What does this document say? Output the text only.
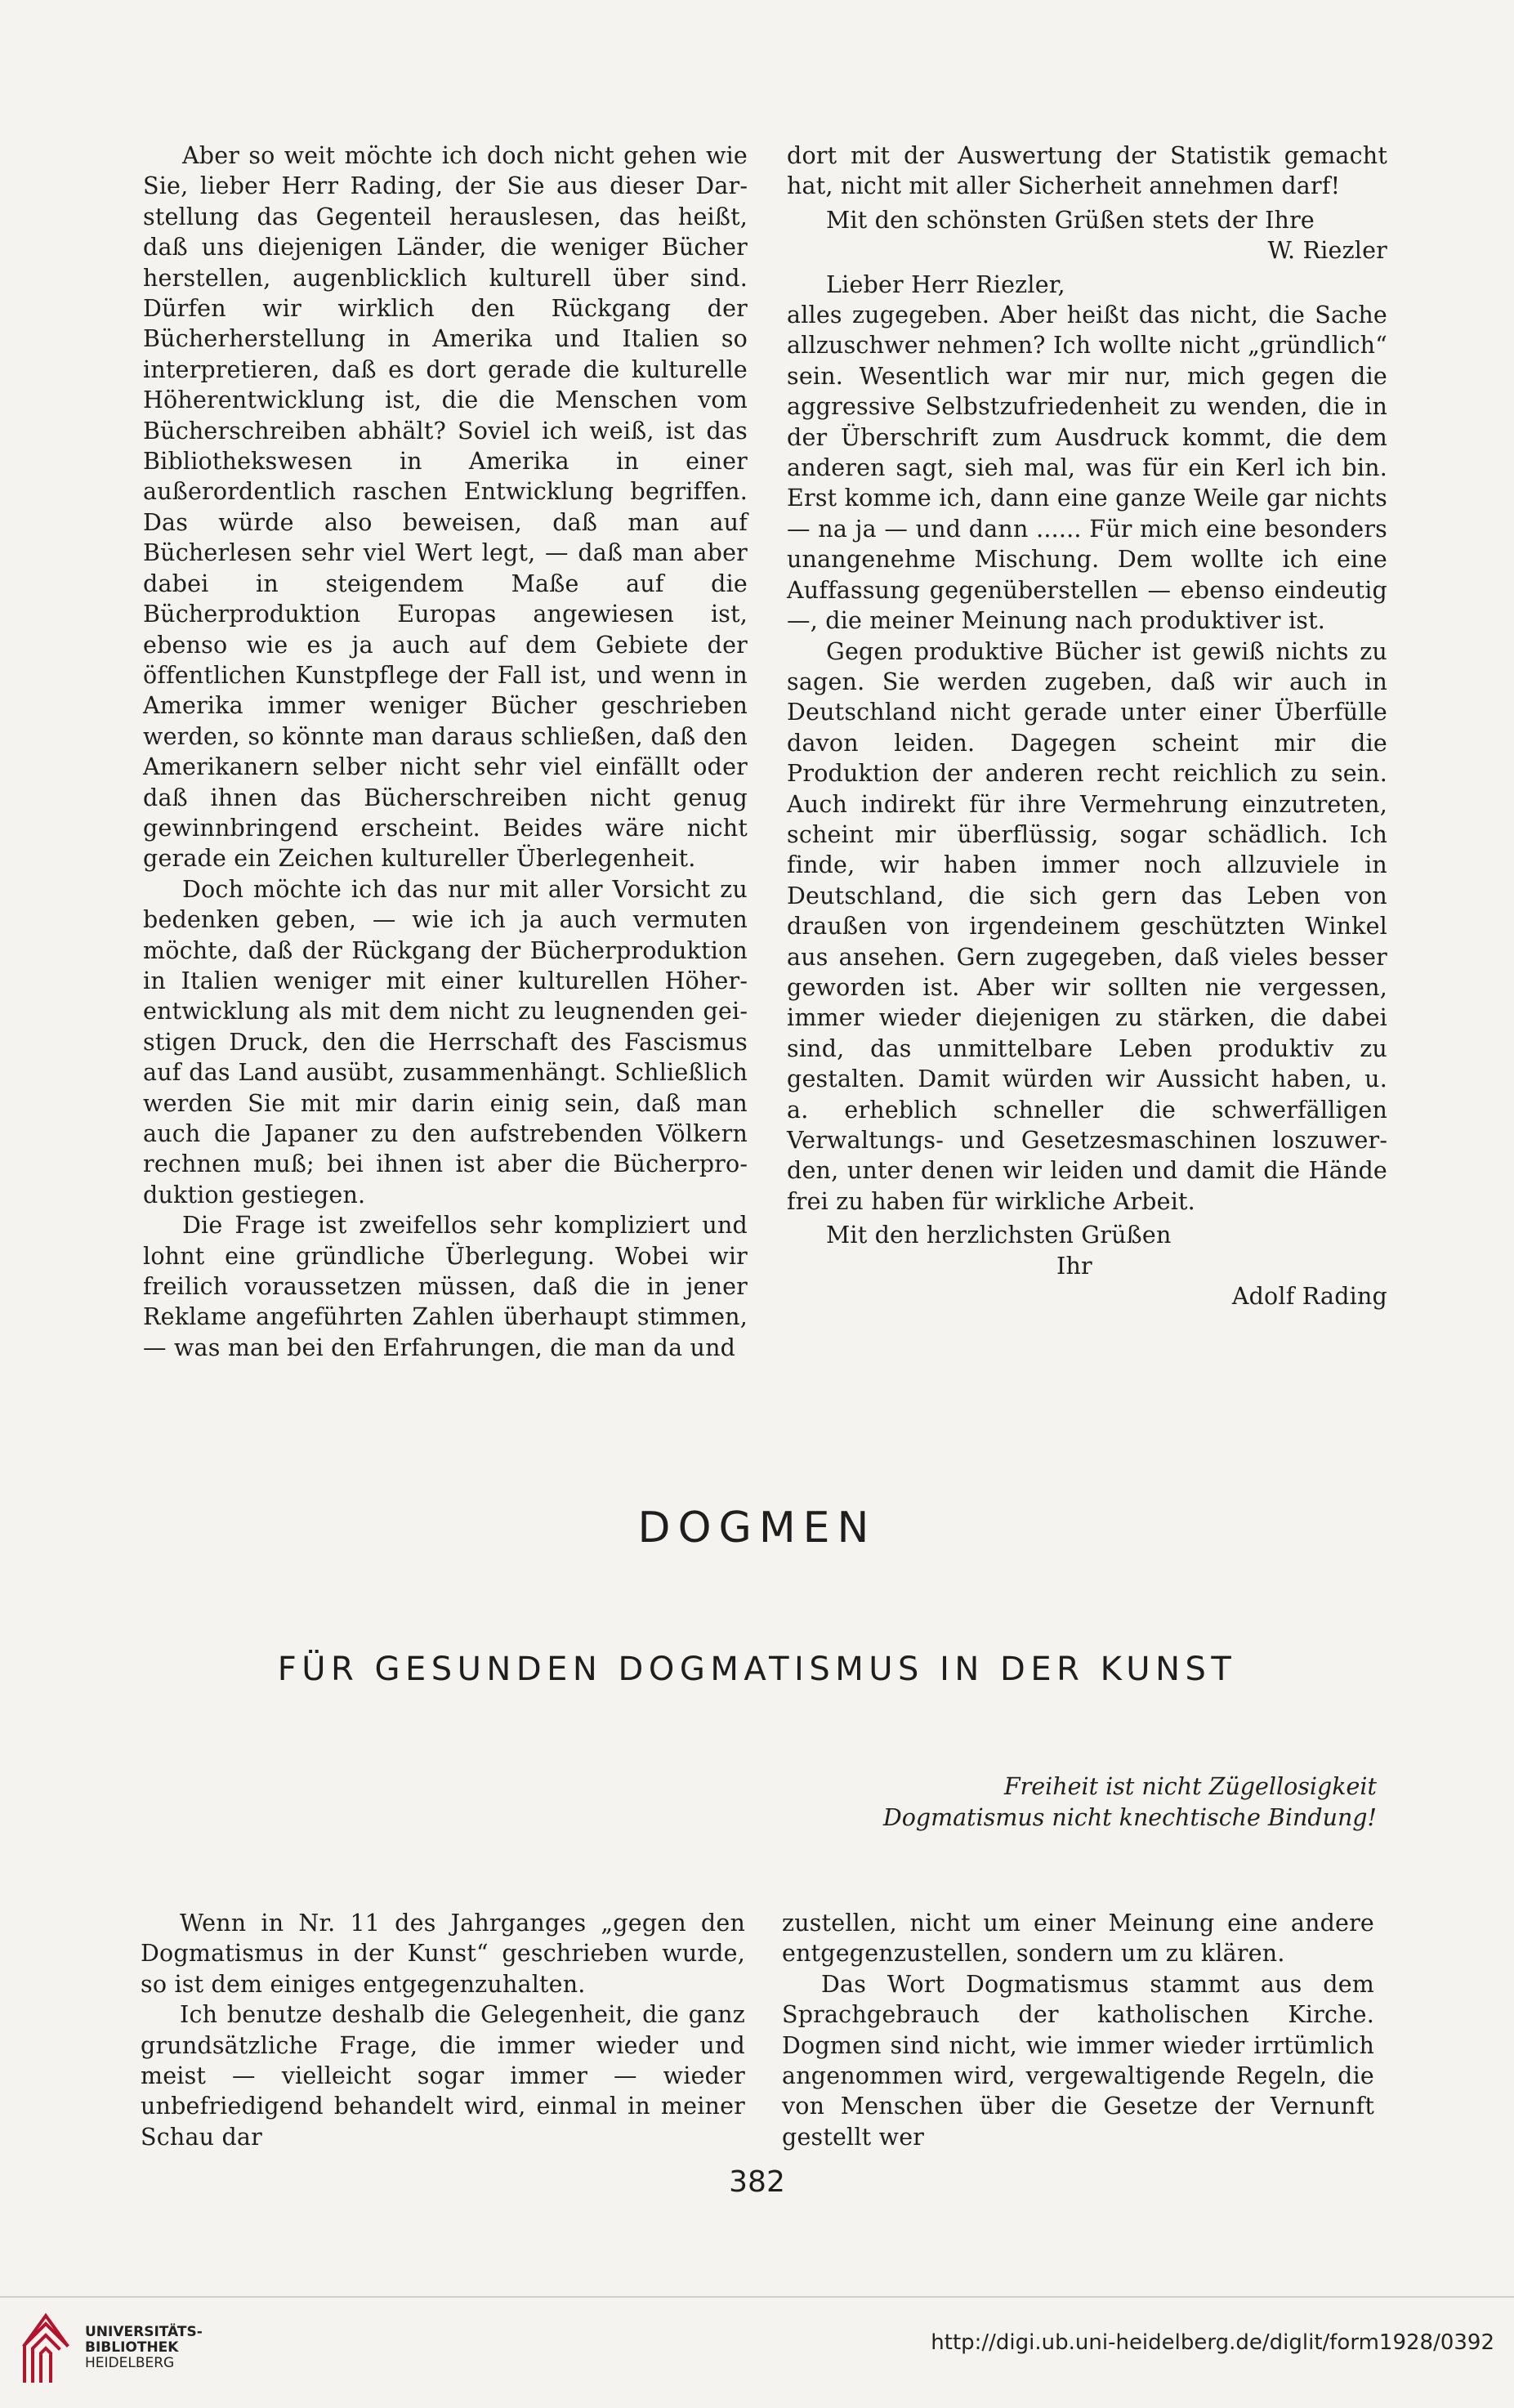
Aber so weit möchte ich doch nicht gehen wie Sie, lieber Herr Rading, der Sie aus dieser Darstellung das Gegenteil herauslesen, das heißt, daß uns diejenigen Länder, die weniger Bücher herstellen, augenblicklich kulturell über sind. Dürfen wir wirklich den Rückgang der Bücherherstellung in Amerika und Italien so interpretieren, daß es dort gerade die kulturelle Höherentwicklung ist, die die Menschen vom Bücherschreiben abhält? Soviel ich weiß, ist das Bibliothekswesen in Amerika in einer außerordentlich raschen Entwicklung begriffen. Das würde also beweisen, daß man auf Bücherlesen sehr viel Wert legt, — daß man aber dabei in steigendem Maße auf die Bücherproduktion Europas angewiesen ist, ebenso wie es ja auch auf dem Gebiete der öffentlichen Kunstpflege der Fall ist, und wenn in Amerika immer weniger Bücher geschrieben werden, so könnte man daraus schließen, daß den Amerikanern selber nicht sehr viel einfällt oder daß ihnen das Bücherschreiben nicht genug gewinnbringend erscheint. Beides wäre nicht gerade ein Zeichen kultureller Überlegenheit.

Doch möchte ich das nur mit aller Vorsicht zu bedenken geben, — wie ich ja auch vermuten möchte, daß der Rückgang der Bücherproduktion in Italien weniger mit einer kulturellen Höherentwicklung als mit dem nicht zu leugnenden geistigen Druck, den die Herrschaft des Fascismus auf das Land ausübt, zusammenhängt. Schließlich werden Sie mit mir darin einig sein, daß man auch die Japaner zu den aufstrebenden Völkern rechnen muß; bei ihnen ist aber die Bücherproduktion gestiegen.

Die Frage ist zweifellos sehr kompliziert und lohnt eine gründliche Überlegung. Wobei wir freilich voraussetzen müssen, daß die in jener Reklame angeführten Zahlen überhaupt stimmen, — was man bei den Erfahrungen, die man da und

dort mit der Auswertung der Statistik gemacht hat, nicht mit aller Sicherheit annehmen darf!

Mit den schönsten Grüßen stets der Ihre

W. Riezler

Lieber Herr Riezler,

alles zugegeben. Aber heißt das nicht, die Sache allzuschwer nehmen? Ich wollte nicht „gründlich“ sein. Wesentlich war mir nur, mich gegen die aggressive Selbstzufriedenheit zu wenden, die in der Überschrift zum Ausdruck kommt, die dem anderen sagt, sieh mal, was für ein Kerl ich bin. Erst komme ich, dann eine ganze Weile gar nichts — na ja — und dann ...... Für mich eine besonders unangenehme Mischung. Dem wollte ich eine Auffassung gegenüberstellen — ebenso eindeutig —, die meiner Meinung nach produktiver ist.

Gegen produktive Bücher ist gewiß nichts zu sagen. Sie werden zugeben, daß wir auch in Deutschland nicht gerade unter einer Überfülle davon leiden. Dagegen scheint mir die Produktion der anderen recht reichlich zu sein. Auch indirekt für ihre Vermehrung einzutreten, scheint mir überflüssig, sogar schädlich. Ich finde, wir haben immer noch allzuviele in Deutschland, die sich gern das Leben von draußen von irgendeinem geschützten Winkel aus ansehen. Gern zugegeben, daß vieles besser geworden ist. Aber wir sollten nie vergessen, immer wieder diejenigen zu stärken, die dabei sind, das unmittelbare Leben produktiv zu gestalten. Damit würden wir Aussicht haben, u. a. erheblich schneller die schwerfälligen Verwaltungs- und Gesetzesmaschinen loszuwerden, unter denen wir leiden und damit die Hände frei zu haben für wirkliche Arbeit.

Mit den herzlichsten Grüßen

Ihr

Adolf Rading

DOGMEN
FÜR GESUNDEN DOGMATISMUS IN DER KUNST
Freiheit ist nicht Zügellosigkeit
Dogmatismus nicht knechtische Bindung!

Wenn in Nr. 11 des Jahrganges „gegen den Dogmatismus in der Kunst“ geschrieben wurde, so ist dem einiges entgegenzuhalten.

Ich benutze deshalb die Gelegenheit, die ganz grundsätzliche Frage, die immer wieder und meist — vielleicht sogar immer — wieder unbefriedigend behandelt wird, einmal in meiner Schau dar

zustellen, nicht um einer Meinung eine andere entgegenzustellen, sondern um zu klären.

Das Wort Dogmatismus stammt aus dem Sprachgebrauch der katholischen Kirche. Dogmen sind nicht, wie immer wieder irrtümlich angenommen wird, vergewaltigende Regeln, die von Menschen über die Gesetze der Vernunft gestellt wer

382
UNIVERSITÄTS-
BIBLIOTHEK
HEIDELBERG
http://digi.ub.uni-heidelberg.de/diglit/form1928/0392
